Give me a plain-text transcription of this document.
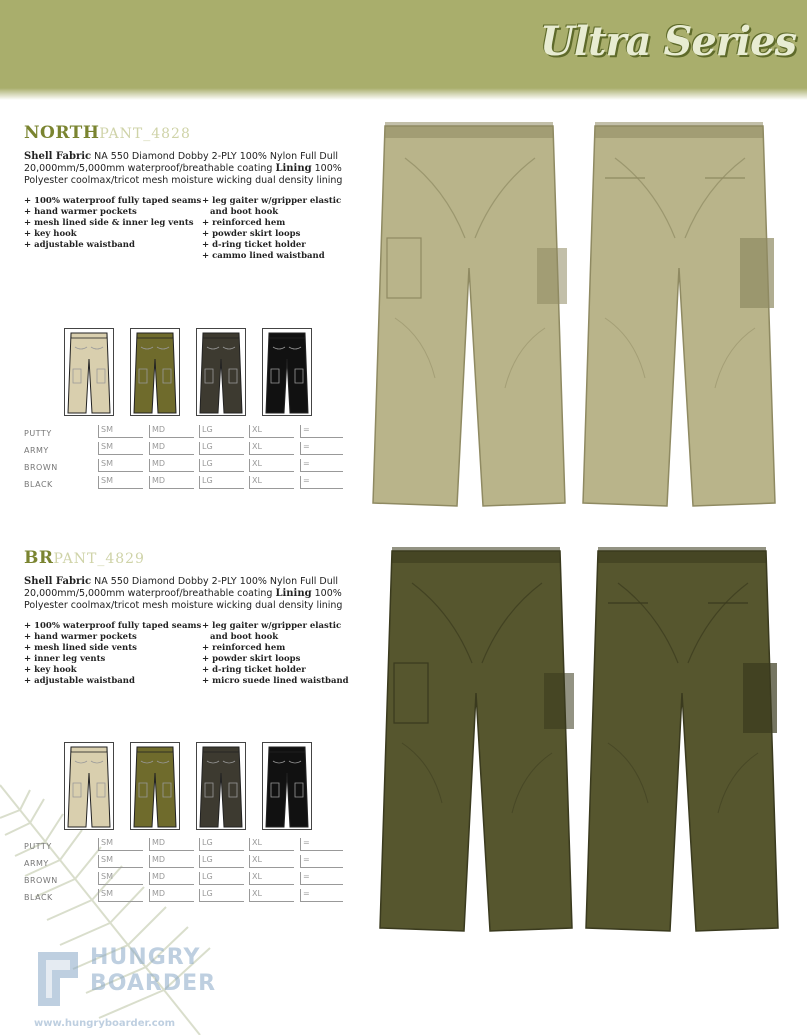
Ultra Series
NORTHPANT_4828

Shell Fabric NA 550 Diamond Dobby 2-PLY 100% Nylon Full Dull 20,000mm/5,000mm waterproof/breathable coating Lining 100% Polyester coolmax/tricot mesh moisture wicking dual density lining

+ 100% waterproof fully taped seams
+ hand warmer pockets
+ mesh lined side & inner leg vents
+ key hook
+ adjustable waistband
+ leg gaiter w/gripper elastic and boot hook
+ reinforced hem
+ powder skirt loops
+ d-ring ticket holder
+ cammo lined waistband
PUTTY	SM	MD	LG	XL	=
ARMY	SM	MD	LG	XL	=
BROWN	SM	MD	LG	XL	=
BLACK	SM	MD	LG	XL	=
BRPANT_4829

Shell Fabric NA 550 Diamond Dobby 2-PLY 100% Nylon Full Dull 20,000mm/5,000mm waterproof/breathable coating Lining 100% Polyester coolmax/tricot mesh moisture wicking dual density lining

+ 100% waterproof fully taped seams
+ hand warmer pockets
+ mesh lined side vents
+ inner leg vents
+ key hook
+ adjustable waistband
+ leg gaiter w/gripper elastic and boot hook
+ reinforced hem
+ powder skirt loops
+ d-ring ticket holder
+ micro suede lined waistband
PUTTY	SM	MD	LG	XL	=
ARMY	SM	MD	LG	XL	=
BROWN	SM	MD	LG	XL	=
BLACK	SM	MD	LG	XL	=
HUNGRY
BOARDER
www.hungryboarder.com
